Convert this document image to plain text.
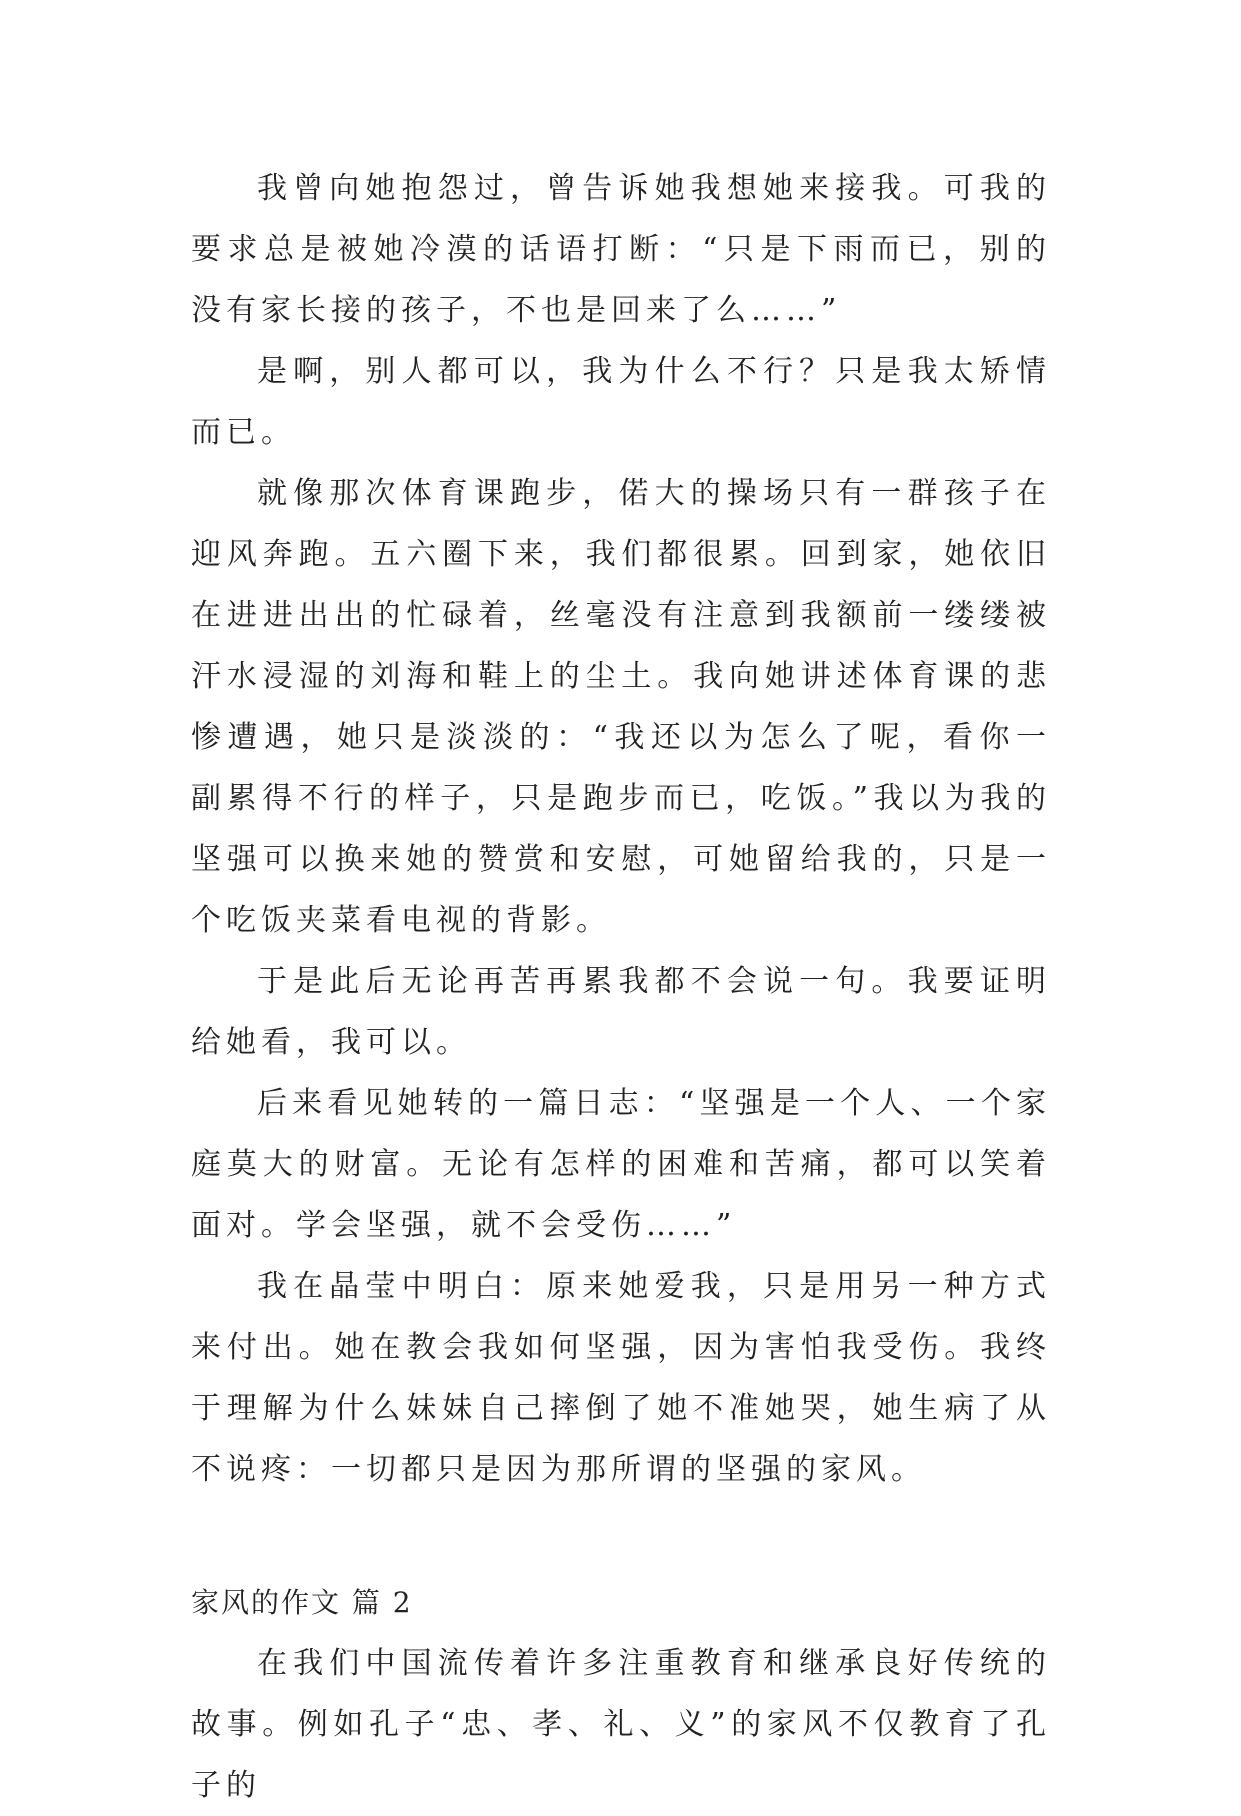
我曾向她抱怨过，曾告诉她我想她来接我。可我的要求总是被她冷漠的话语打断：“只是下雨而已，别的没有家长接的孩子，不也是回来了么……”

是啊，别人都可以，我为什么不行？只是我太矫情而已。

就像那次体育课跑步，偌大的操场只有一群孩子在迎风奔跑。五六圈下来，我们都很累。回到家，她依旧在进进出出的忙碌着，丝毫没有注意到我额前一缕缕被汗水浸湿的刘海和鞋上的尘土。我向她讲述体育课的悲惨遭遇，她只是淡淡的：“我还以为怎么了呢，看你一副累得不行的样子，只是跑步而已，吃饭。”我以为我的坚强可以换来她的赞赏和安慰，可她留给我的，只是一个吃饭夹菜看电视的背影。

于是此后无论再苦再累我都不会说一句。我要证明给她看，我可以。

后来看见她转的一篇日志：“坚强是一个人、一个家庭莫大的财富。无论有怎样的困难和苦痛，都可以笑着面对。学会坚强，就不会受伤……”

我在晶莹中明白：原来她爱我，只是用另一种方式来付出。她在教会我如何坚强，因为害怕我受伤。我终于理解为什么妹妹自己摔倒了她不准她哭，她生病了从不说疼：一切都只是因为那所谓的坚强的家风。

家风的作文 篇 2

在我们中国流传着许多注重教育和继承良好传统的故事。例如孔子“忠、孝、礼、义”的家风不仅教育了孔子的
